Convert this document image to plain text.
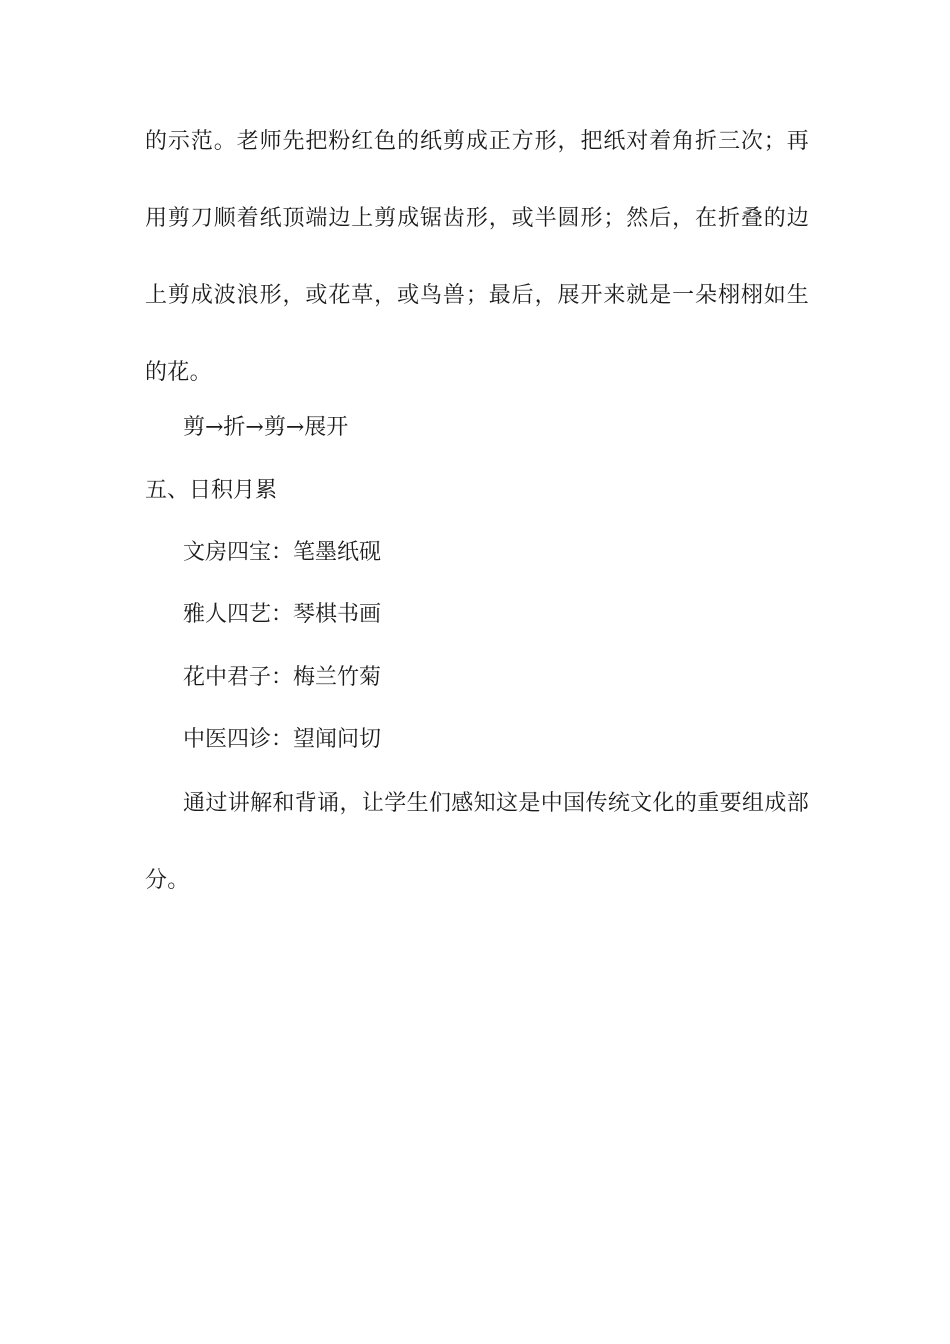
的示范。老师先把粉红色的纸剪成正方形，把纸对着角折三次；再用剪刀顺着纸顶端边上剪成锯齿形，或半圆形；然后，在折叠的边上剪成波浪形，或花草，或鸟兽；最后，展开来就是一朵栩栩如生的花。
剪→折→剪→展开
五、日积月累
文房四宝：笔墨纸砚
雅人四艺：琴棋书画
花中君子：梅兰竹菊
中医四诊：望闻问切
通过讲解和背诵，让学生们感知这是中国传统文化的重要组成部分。
